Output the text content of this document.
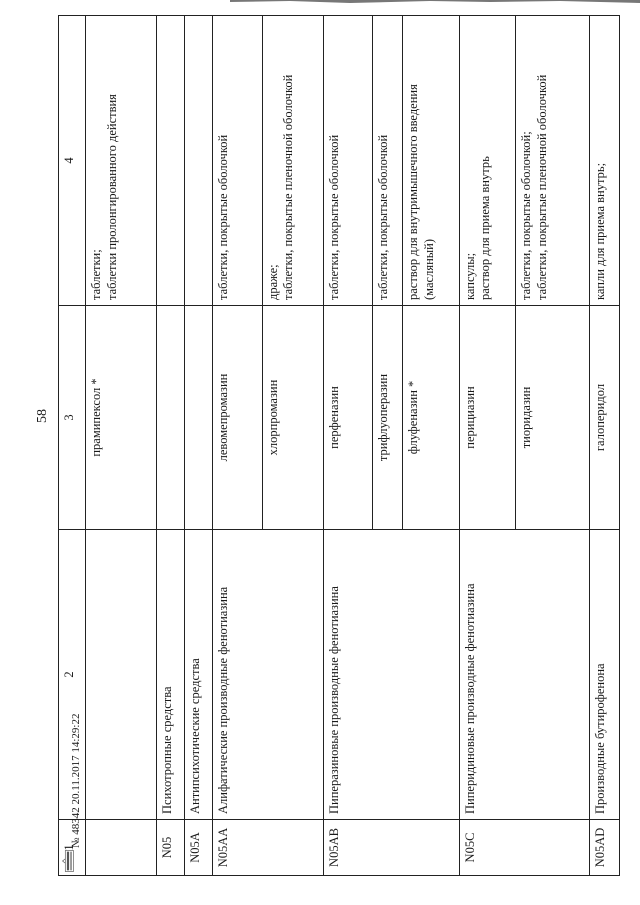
58
1	2	3	4
		прамипексол *	таблетки;
таблетки пролонгированного действия
N05	Психотропные средства		
N05A	Антипсихотические средства		
N05AA	Алифатические производные фенотиазина	левомепромазин	таблетки, покрытые оболочкой
		хлорпромазин	драже;
таблетки, покрытые пленочной оболочкой
N05AB	Пиперазиновые производные фенотиазина	перфеназин	таблетки, покрытые оболочкой
		трифлуоперазин	таблетки, покрытые оболочкой
		флуфеназин *	раствор для внутримышечного введения (масляный)
N05C	Пиперидиновые производные фенотиазина	перициазин	капсулы;
раствор для приема внутрь
		тиоридазин	таблетки, покрытые оболочкой;
таблетки, покрытые пленочной оболочкой
N05AD	Производные бутирофенона	галоперидол	капли для приема внутрь;
№ 48342 20.11.2017 14:29:22
